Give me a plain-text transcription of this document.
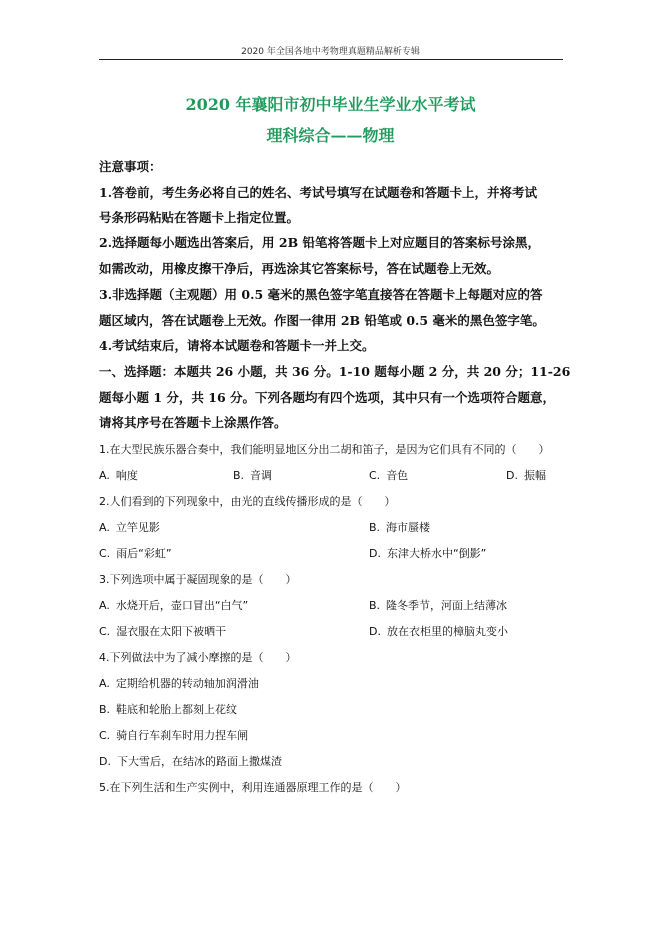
2020 年全国各地中考物理真题精品解析专辑
2020 年襄阳市初中毕业生学业水平考试
理科综合——物理
注意事项：
1.答卷前，考生务必将自己的姓名、考试号填写在试题卷和答题卡上，并将考试
号条形码粘贴在答题卡上指定位置。
2.选择题每小题选出答案后，用 2B 铅笔将答题卡上对应题目的答案标号涂黑，
如需改动，用橡皮擦干净后，再选涂其它答案标号，答在试题卷上无效。
3.非选择题（主观题）用 0.5 毫米的黑色签字笔直接答在答题卡上每题对应的答
题区域内，答在试题卷上无效。作图一律用 2B 铅笔或 0.5 毫米的黑色签字笔。
4.考试结束后，请将本试题卷和答题卡一并上交。
一、选择题：本题共 26 小题，共 36 分。1-10 题每小题 2 分，共 20 分；11-26
题每小题 1 分，共 16 分。下列各题均有四个选项，其中只有一个选项符合题意，
请将其序号在答题卡上涂黑作答。
1.在大型民族乐器合奏中，我们能明显地区分出二胡和笛子，是因为它们具有不同的（　　）
A. 响度	B. 音调	C. 音色	D. 振幅
2.人们看到的下列现象中，由光的直线传播形成的是（　　）
A. 立竿见影	B. 海市蜃楼
C. 雨后“彩虹”	D. 东津大桥水中“倒影”
3.下列选项中属于凝固现象的是（　　）
A. 水烧开后，壶口冒出“白气”	B. 隆冬季节，河面上结薄冰
C. 湿衣服在太阳下被晒干	D. 放在衣柜里的樟脑丸变小
4.下列做法中为了减小摩擦的是（　　）
A. 定期给机器的转动轴加润滑油
B. 鞋底和轮胎上都刻上花纹
C. 骑自行车刹车时用力捏车闸
D. 下大雪后，在结冰的路面上撒煤渣
5.在下列生活和生产实例中，利用连通器原理工作的是（　　）
